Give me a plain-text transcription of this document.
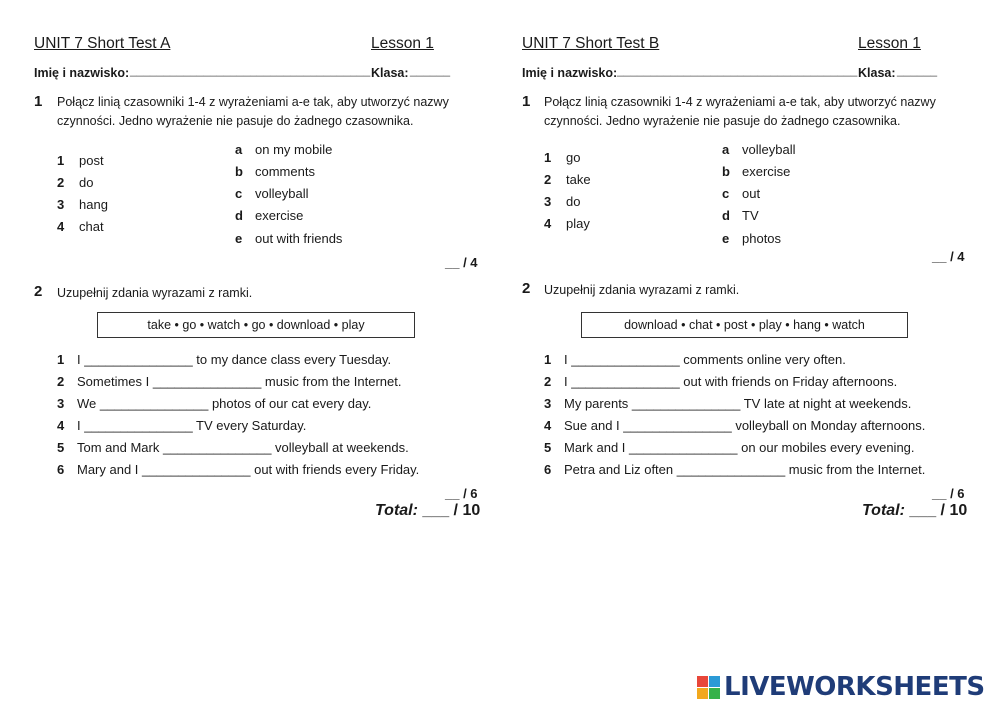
UNIT 7 Short Test A	Lesson 1
Imię i nazwisko: ____________________________________ Klasa: ______
1 Połącz linią czasowniki 1-4 z wyrażeniami a-e tak, aby utworzyć nazwy czynności. Jedno wyrażenie nie pasuje do żadnego czasownika.
1 post
2 do
3 hang
4 chat
a on my mobile
b comments
c volleyball
d exercise
e out with friends
__ / 4
2 Uzupełnij zdania wyrazami z ramki.
take • go • watch • go • download • play
1 I _______________ to my dance class every Tuesday.
2 Sometimes I _______________ music from the Internet.
3 We _______________ photos of our cat every day.
4 I _______________ TV every Saturday.
5 Tom and Mark _______________ volleyball at weekends.
6 Mary and I _______________ out with friends every Friday.
__ / 6
Total: ___ / 10
UNIT 7 Short Test B	Lesson 1
Imię i nazwisko: ____________________________________ Klasa: ______
1 Połącz linią czasowniki 1-4 z wyrażeniami a-e tak, aby utworzyć nazwy czynności. Jedno wyrażenie nie pasuje do żadnego czasownika.
1 go
2 take
3 do
4 play
a volleyball
b exercise
c out
d TV
e photos
__ / 4
2 Uzupełnij zdania wyrazami z ramki.
download • chat • post • play • hang • watch
1 I _______________ comments online very often.
2 I _______________ out with friends on Friday afternoons.
3 My parents _______________ TV late at night at weekends.
4 Sue and I _______________ volleyball on Monday afternoons.
5 Mark and I _______________ on our mobiles every evening.
6 Petra and Liz often _______________ music from the Internet.
__ / 6
Total: ___ / 10
LIVEWORKSHEETS
